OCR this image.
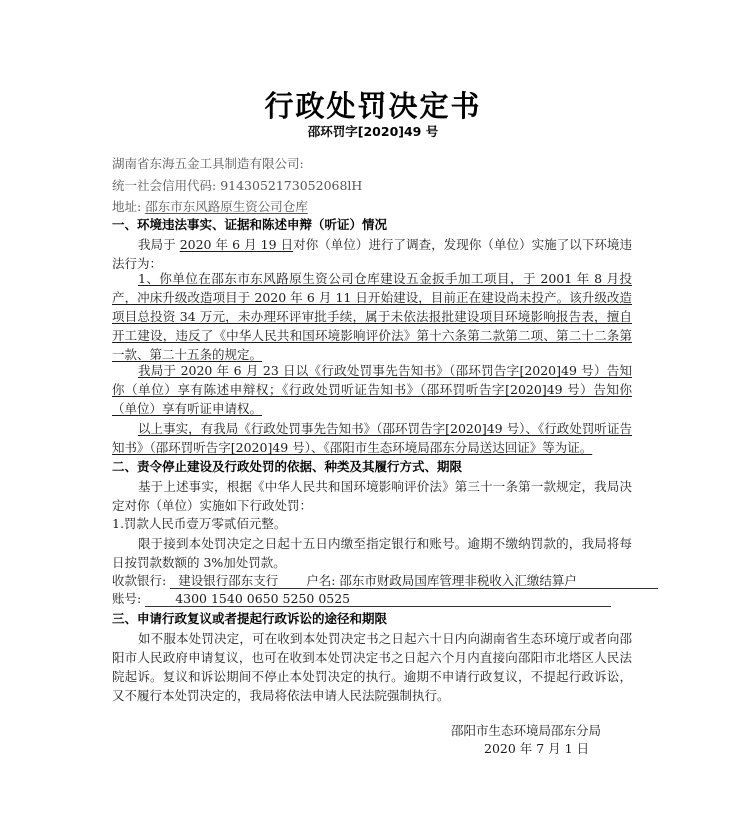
行政处罚决定书
邵环罚字[2020]49 号
湖南省东海五金工具制造有限公司:
统一社会信用代码: 9143052173052068lH
地址: 邵东市东风路原生资公司仓库
一、环境违法事实、证据和陈述申辩（听证）情况
我局于 2020 年 6 月 19 日对你（单位）进行了调查，发现你（单位）实施了以下环境违法行为：
1、你单位在邵东市东风路原生资公司仓库建设五金扳手加工项目，于 2001 年 8 月投产，冲床升级改造项目于 2020 年 6 月 11 日开始建设，目前正在建设尚未投产。该升级改造项目总投资 34 万元，未办理环评审批手续，属于未依法报批建设项目环境影响报告表，擅自开工建设，违反了《中华人民共和国环境影响评价法》第十六条第二款第二项、第二十二条第一款、第二十五条的规定。
我局于 2020 年 6 月 23 日以《行政处罚事先告知书》（邵环罚告字[2020]49 号）告知你（单位）享有陈述申辩权；《行政处罚听证告知书》（邵环罚听告字[2020]49 号）告知你（单位）享有听证申请权。
以上事实，有我局《行政处罚事先告知书》（邵环罚告字[2020]49 号）、《行政处罚听证告知书》（邵环罚听告字[2020]49 号）、《邵阳市生态环境局邵东分局送达回证》等为证。
二、责令停止建设及行政处罚的依据、种类及其履行方式、期限
基于上述事实，根据《中华人民共和国环境影响评价法》第三十一条第一款规定，我局决定对你（单位）实施如下行政处罚：
1.罚款人民币壹万零贰佰元整。
限于接到本处罚决定之日起十五日内缴至指定银行和账号。逾期不缴纳罚款的，我局将每日按罚款数额的 3%加处罚款。
收款银行: 建设银行邵东支行 户名: 邵东市财政局国库管理非税收入汇缴结算户
账号: 4300 1540 0650 5250 0525
三、申请行政复议或者提起行政诉讼的途径和期限
如不服本处罚决定，可在收到本处罚决定书之日起六十日内向湖南省生态环境厅或者向邵阳市人民政府申请复议，也可在收到本处罚决定书之日起六个月内直接向邵阳市北塔区人民法院起诉。复议和诉讼期间不停止本处罚决定的执行。逾期不申请行政复议，不提起行政诉讼，又不履行本处罚决定的，我局将依法申请人民法院强制执行。
邵阳市生态环境局邵东分局
2020 年 7 月 1 日
